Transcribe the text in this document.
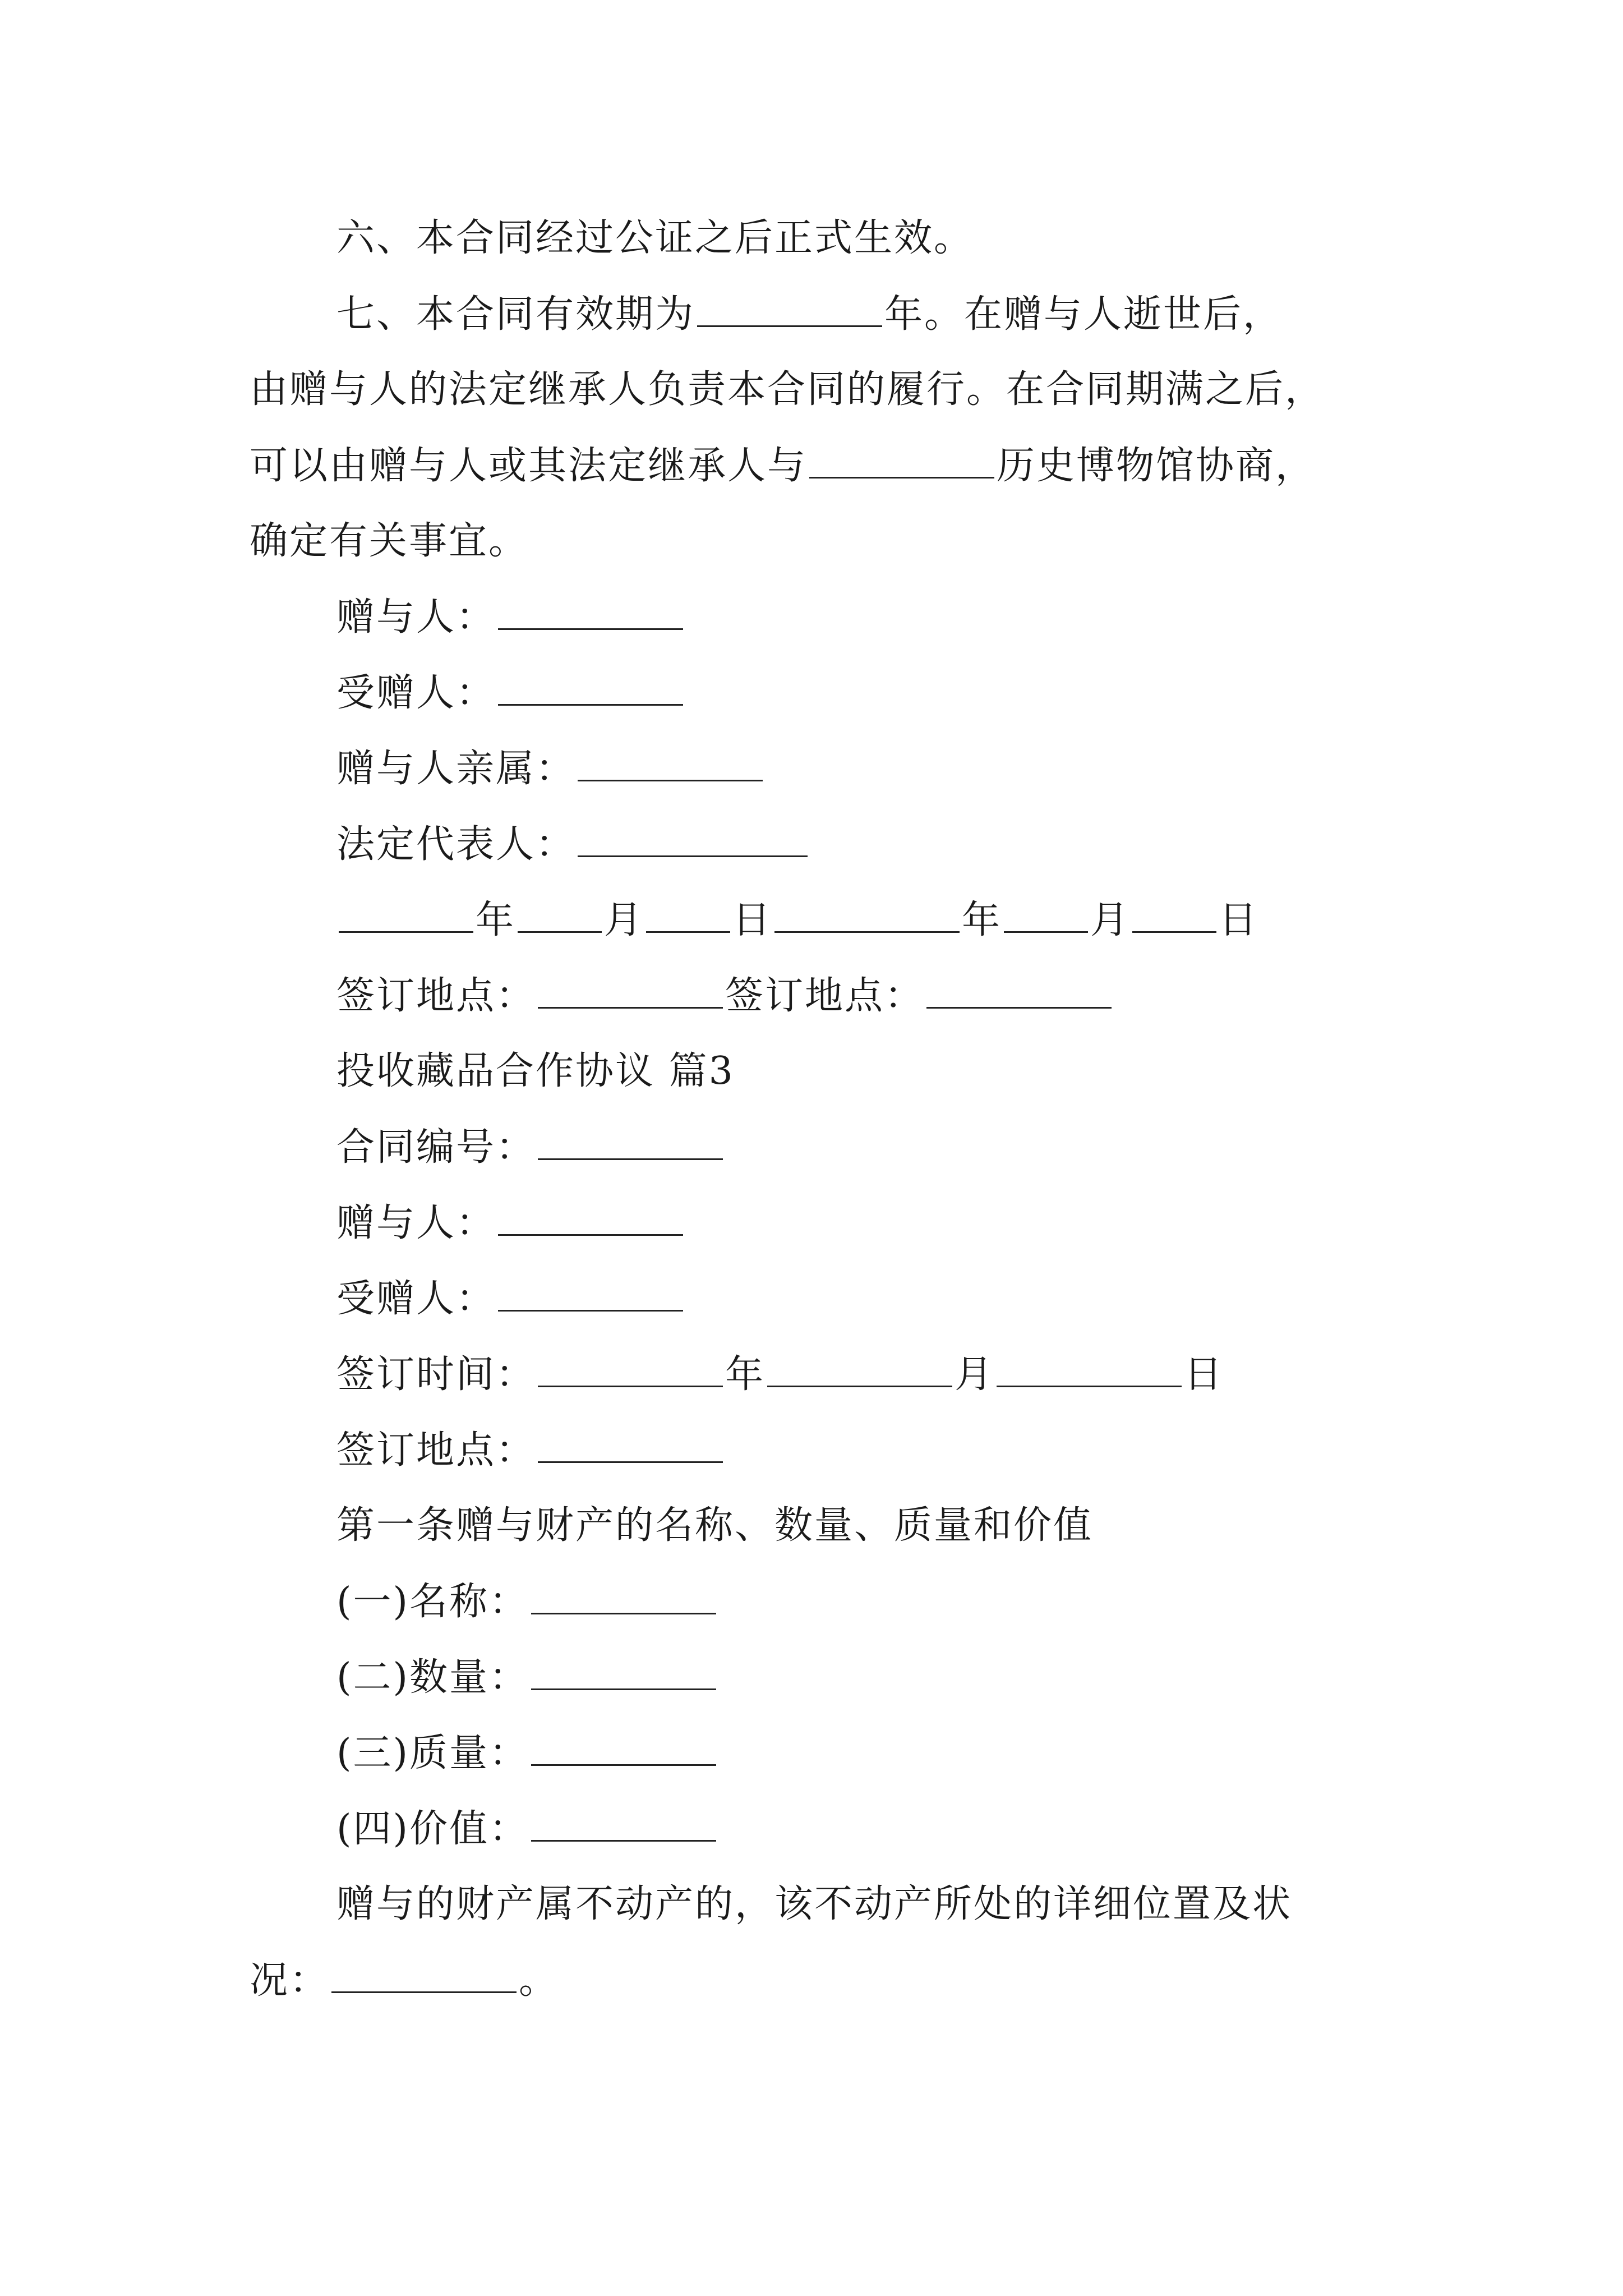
六、本合同经过公证之后正式生效。
七、本合同有效期为	年。在赠与人逝世后，
由赠与人的法定继承人负责本合同的履行。在合同期满之后，
可以由赠与人或其法定继承人与	历史博物馆协商，
确定有关事宜。
赠与人：
受赠人：
赠与人亲属：
法定代表人：
年 月 日	年 月 日
签订地点：	签订地点：
投收藏品合作协议 篇3
合同编号：
赠与人：
受赠人：
签订时间：	年	月	日
签订地点：
第一条赠与财产的名称、数量、质量和价值
(一)名称：
(二)数量：
(三)质量：
(四)价值：
赠与的财产属不动产的，该不动产所处的详细位置及状
况：	。
